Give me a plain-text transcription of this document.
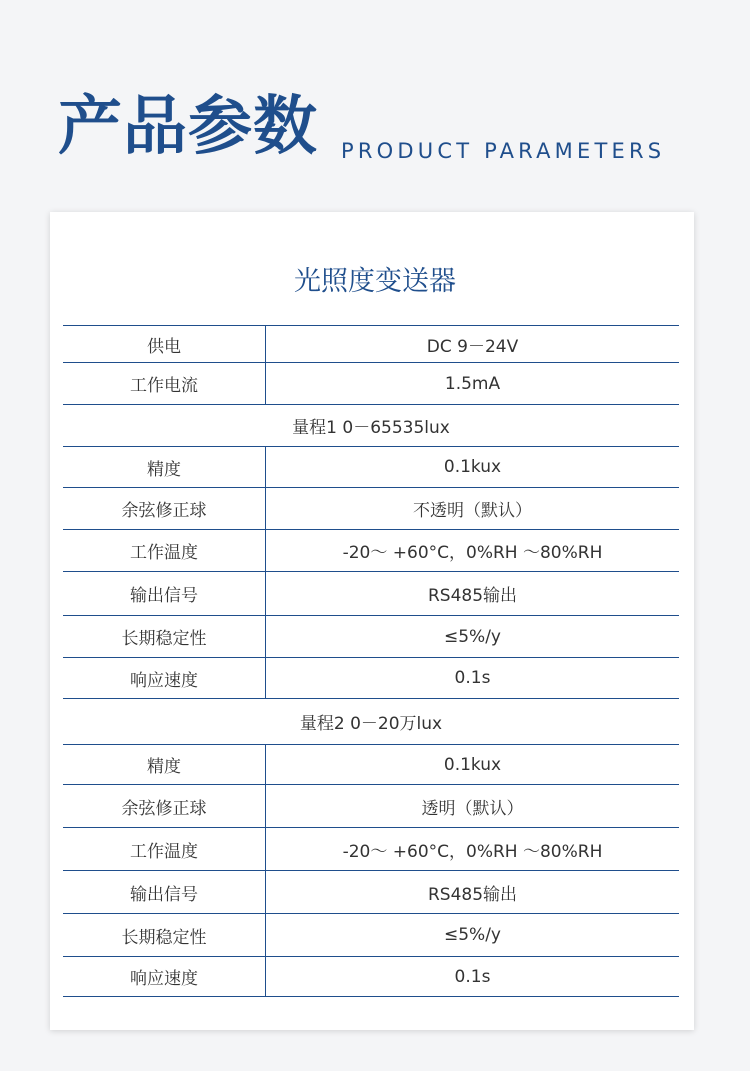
产品参数 PRODUCT PARAMETERS
光照度变送器
供电	DC 9－24V
工作电流	1.5mA
量程1 0－65535lux
精度	0.1kux
余弦修正球	不透明（默认）
工作温度	-20～ +60°C，0%RH ～80%RH
输出信号	RS485输出
长期稳定性	≤5%/y
响应速度	0.1s
量程2 0－20万lux
精度	0.1kux
余弦修正球	透明（默认）
工作温度	-20～ +60°C，0%RH ～80%RH
输出信号	RS485输出
长期稳定性	≤5%/y
响应速度	0.1s
